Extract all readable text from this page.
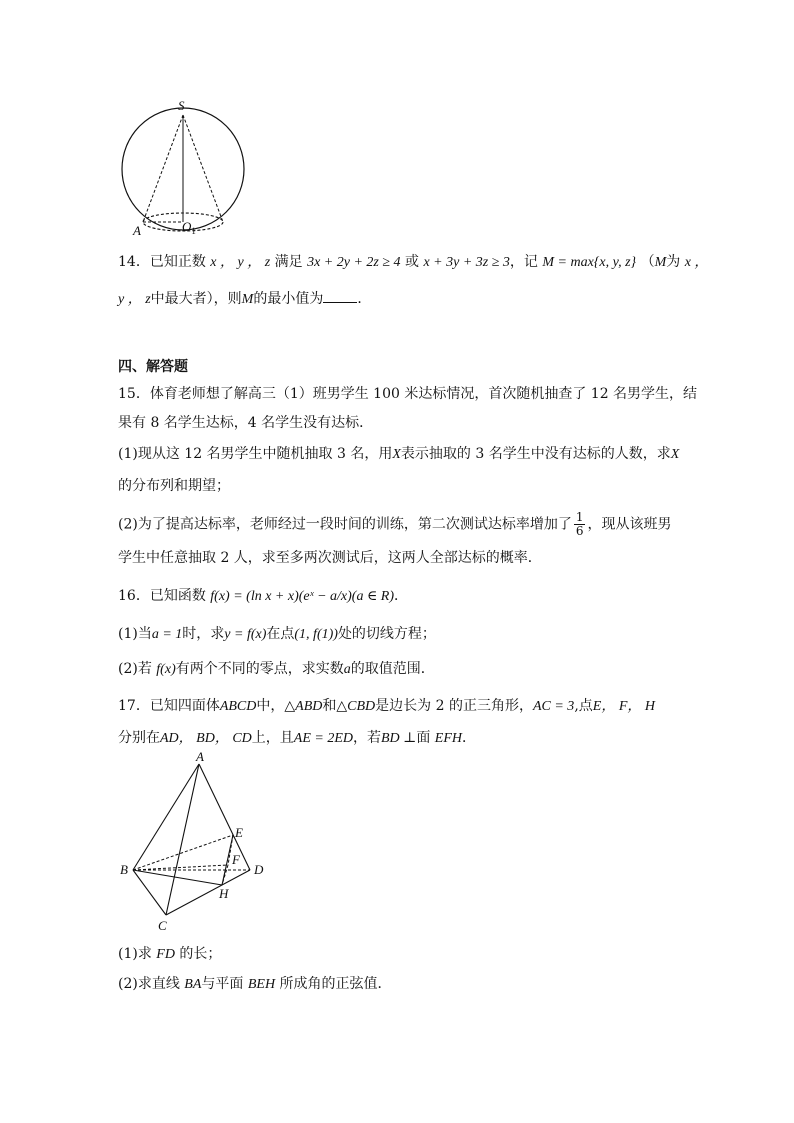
S
A	$O_1$
14．已知正数 x ， y ， z 满足 3x + 2y + 2z ≥ 4 或 x + 3y + 3z ≥ 3，记 M = max{x, y, z} （M为 x ，
y ， z中最大者），则M的最小值为 ．
四、解答题
15．体育老师想了解高三（1）班男学生 100 米达标情况，首次随机抽查了 12 名男学生，结
果有 8 名学生达标，4 名学生没有达标．
(1)现从这 12 名男学生中随机抽取 3 名，用X表示抽取的 3 名学生中没有达标的人数，求X
的分布列和期望；
(2)为了提高达标率，老师经过一段时间的训练，第二次测试达标率增加了 $\frac{1}{6}$ ，现从该班男
学生中任意抽取 2 人，求至多两次测试后，这两人全部达标的概率．
16．已知函数 f(x) = (ln x + x)(eˣ − a/x)(a ∈ R)．
(1)当a = 1时，求y = f(x)在点(1, f(1))处的切线方程；
(2)若 f(x)有两个不同的零点，求实数a的取值范围．
17．已知四面体ABCD中，△ABD和△CBD是边长为 2 的正三角形，AC = 3,点E， F， H
分别在AD， BD， CD上，且AE = 2ED，若BD ⊥面 EFH．
A
B
C
D
E
F
H
(1)求 FD 的长；
(2)求直线 BA与平面 BEH 所成角的正弦值．
